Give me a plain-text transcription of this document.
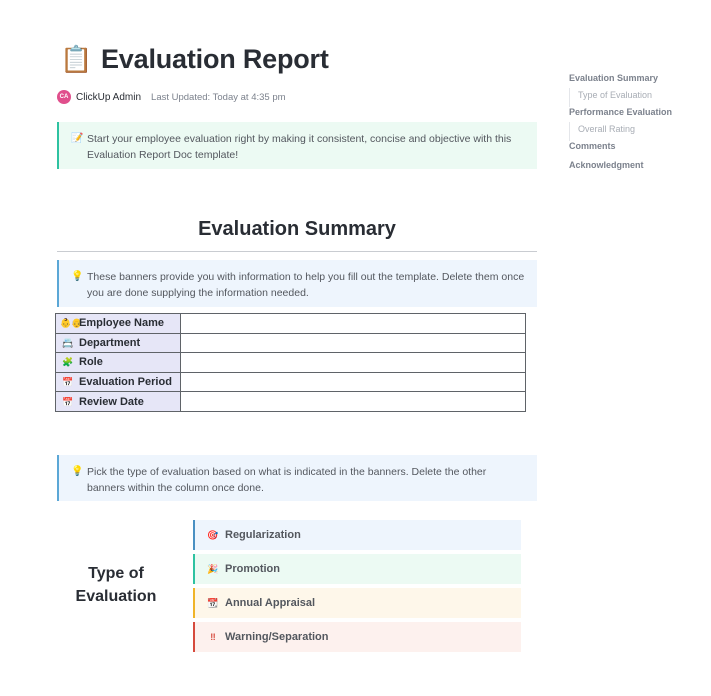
📋 Evaluation Report
CA ClickUp Admin Last Updated: Today at 4:35 pm
📝 Start your employee evaluation right by making it consistent, concise and objective with this Evaluation Report Doc template!
Evaluation Summary
💡 These banners provide you with information to help you fill out the template. Delete them once you are done supplying the information needed.
👶👴Employee Name	
📇 Department	
🧩 Role	
📅 Evaluation Period	
📅 Review Date	
💡 Pick the type of evaluation based on what is indicated in the banners. Delete the other banners within the column once done.
Type of Evaluation
🎯 Regularization
🎉 Promotion
📆 Annual Appraisal
‼ Warning/Separation
Evaluation Summary
Type of Evaluation
Performance Evaluation
Overall Rating
Comments
Acknowledgment
